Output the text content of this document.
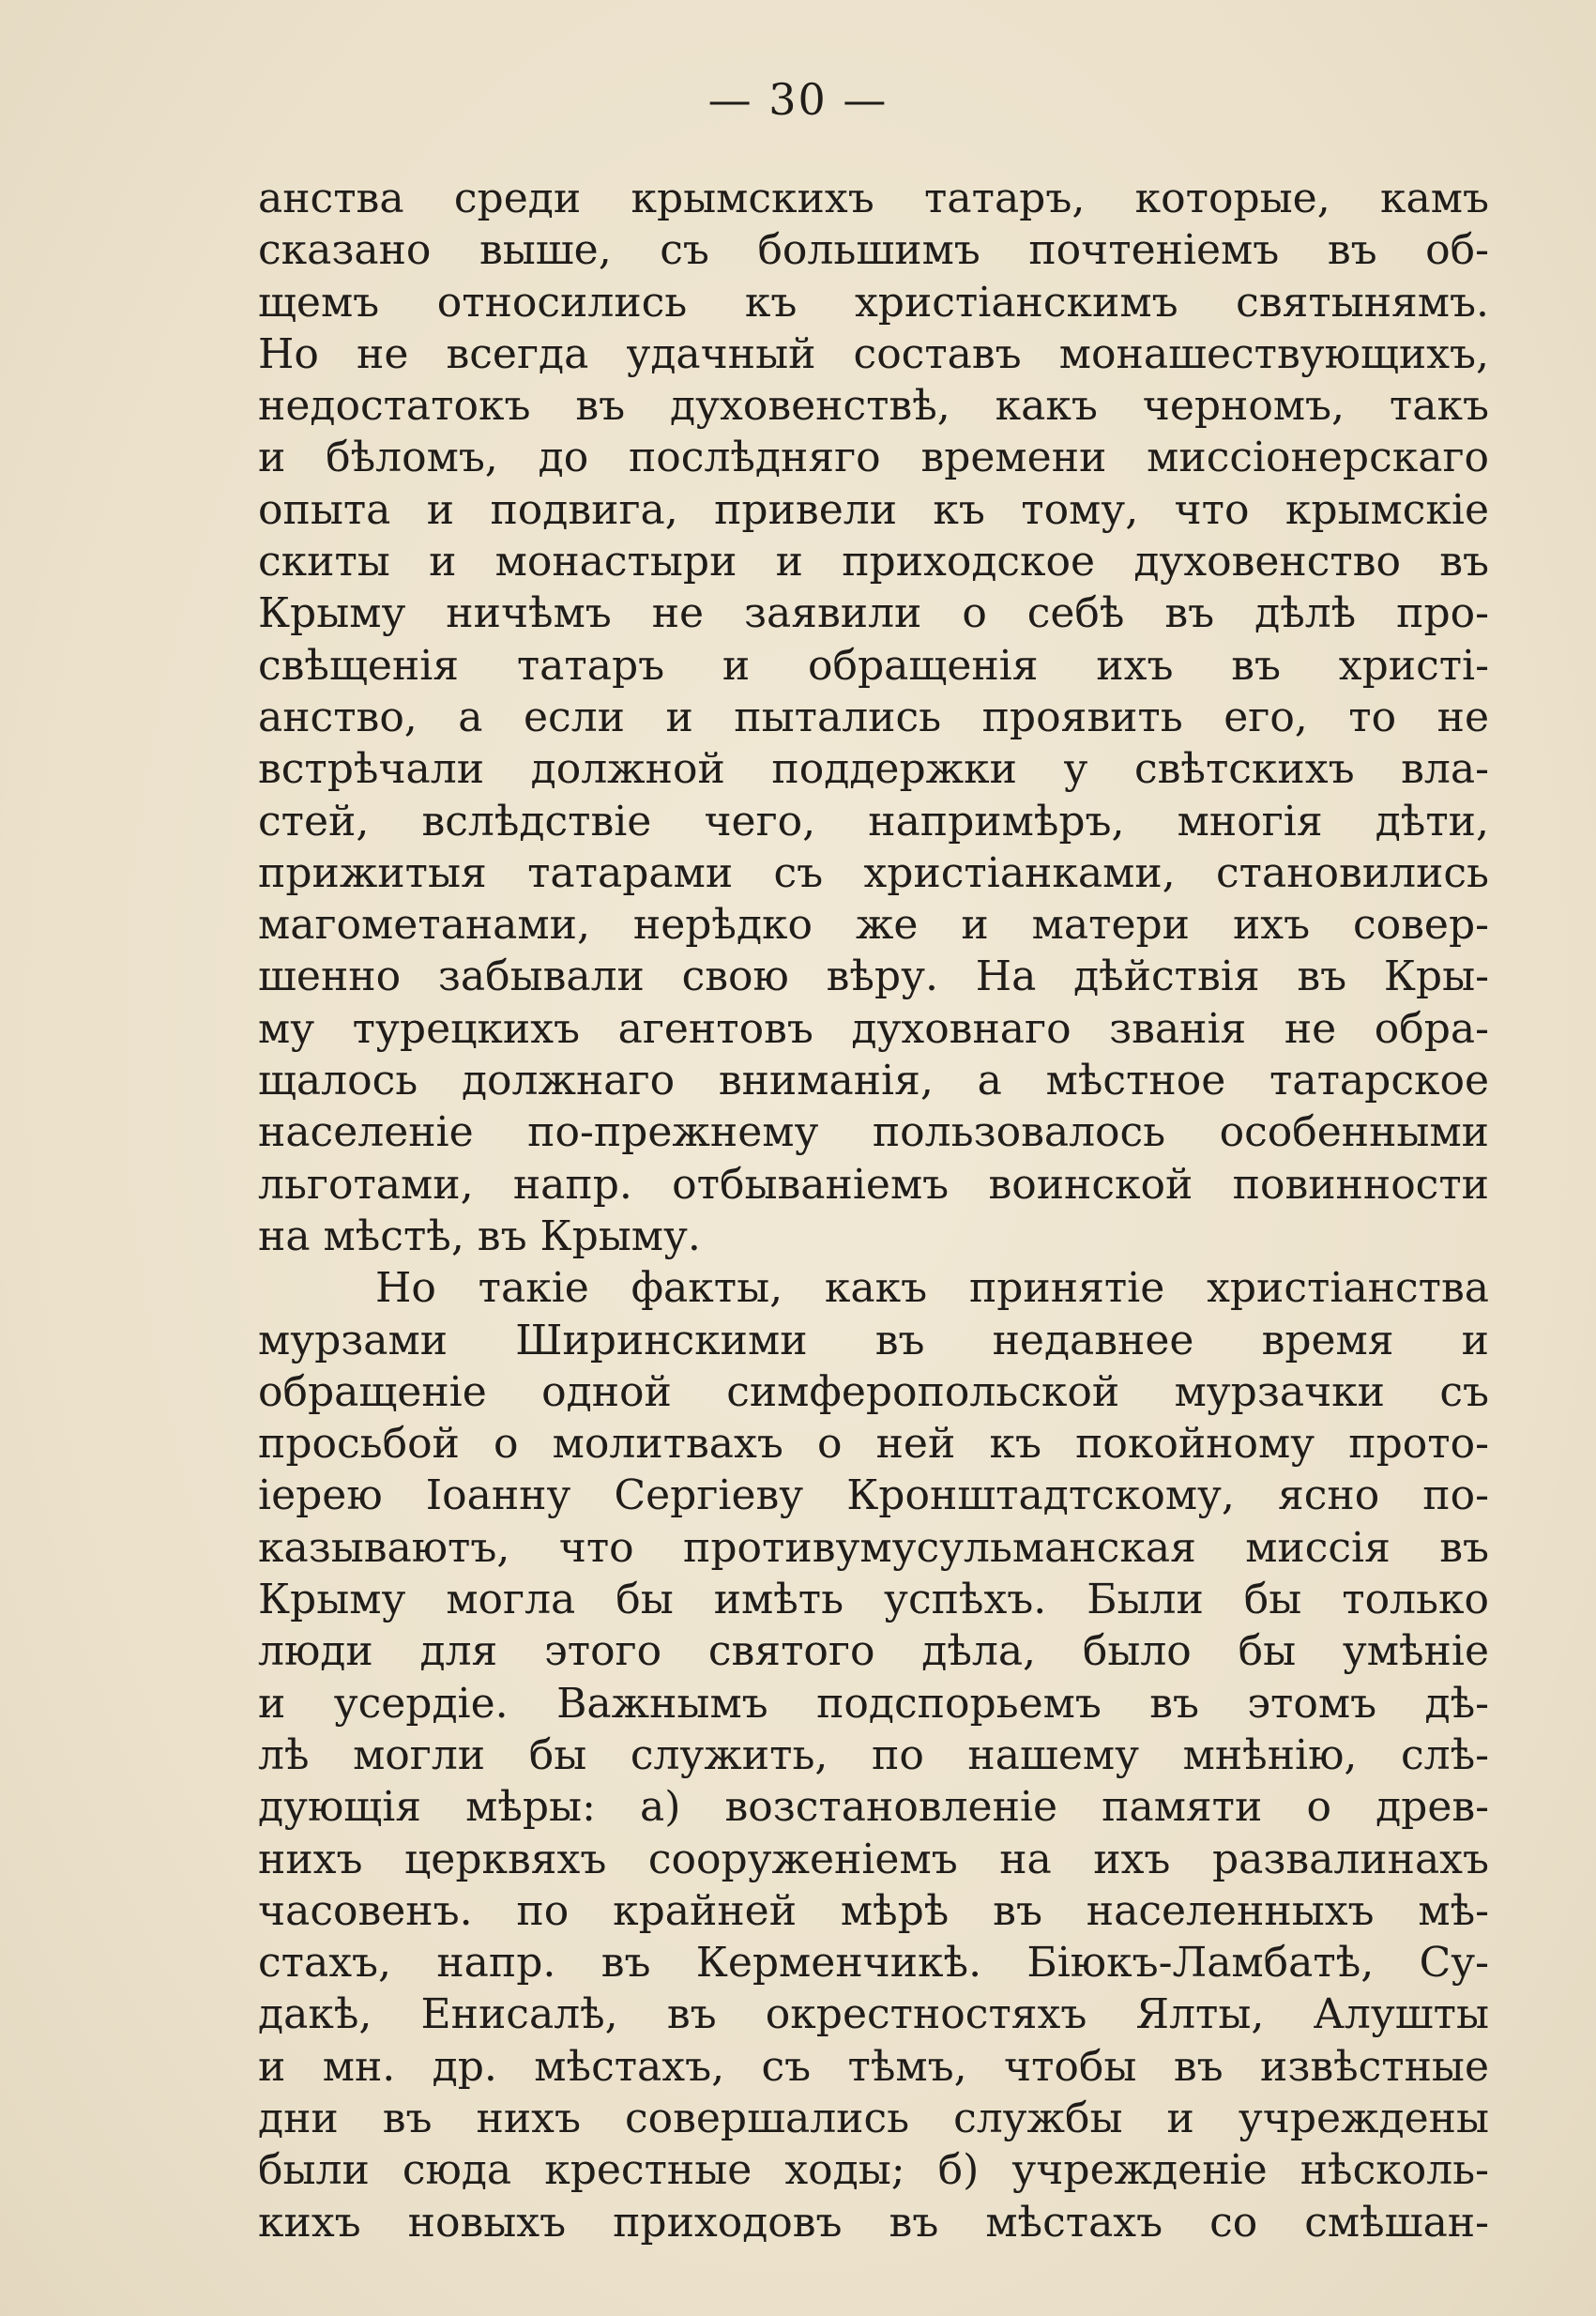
— 30 —
анства среди крымскихъ татаръ, которые, камъ
сказано выше, съ большимъ почтенiемъ въ об-
щемъ относились къ христiанскимъ святынямъ.
Но не всегда удачный составъ монашествующихъ,
недостатокъ въ духовенствѣ, какъ черномъ, такъ
и бѣломъ, до послѣдняго времени миссiонерскаго
опыта и подвига, привели къ тому, что крымскiе
скиты и монастыри и приходское духовенство въ
Крыму ничѣмъ не заявили о себѣ въ дѣлѣ про-
свѣщенiя татаръ и обращенiя ихъ въ христi-
анство, а если и пытались проявить его, то не
встрѣчали должной поддержки у свѣтскихъ вла-
стей, вслѣдствiе чего, напримѣръ, многiя дѣти,
прижитыя татарами съ христiанками, становились
магометанами, нерѣдко же и матери ихъ совер-
шенно забывали свою вѣру. На дѣйствiя въ Кры-
му турецкихъ агентовъ духовнаго званiя не обра-
щалось должнаго вниманiя, а мѣстное татарское
населенiе по-прежнему пользовалось особенными
льготами, напр. отбыванiемъ воинской повинности
на мѣстѣ, въ Крыму.
Но такiе факты, какъ принятiе христiанства
мурзами Ширинскими въ недавнее время и
обращенiе одной симферопольской мурзачки съ
просьбой о молитвахъ о ней къ покойному прото-
iерею Iоанну Сергiеву Кронштадтскому, ясно по-
казываютъ, что противумусульманская миссiя въ
Крыму могла бы имѣть успѣхъ. Были бы только
люди для этого святого дѣла, было бы умѣнiе
и усердiе. Важнымъ подспорьемъ въ этомъ дѣ-
лѣ могли бы служить, по нашему мнѣнiю, слѣ-
дующiя мѣры: а) возстановленiе памяти о древ-
нихъ церквяхъ сооруженiемъ на ихъ развалинахъ
часовенъ. по крайней мѣрѣ въ населенныхъ мѣ-
стахъ, напр. въ Керменчикѣ. Бiюкъ-Ламбатѣ, Су-
дакѣ, Енисалѣ, въ окрестностяхъ Ялты, Алушты
и мн. др. мѣстахъ, съ тѣмъ, чтобы въ извѣстные
дни въ нихъ совершались службы и учреждены
были сюда крестные ходы; б) учрежденiе нѣсколь-
кихъ новыхъ приходовъ въ мѣстахъ со смѣшан-
